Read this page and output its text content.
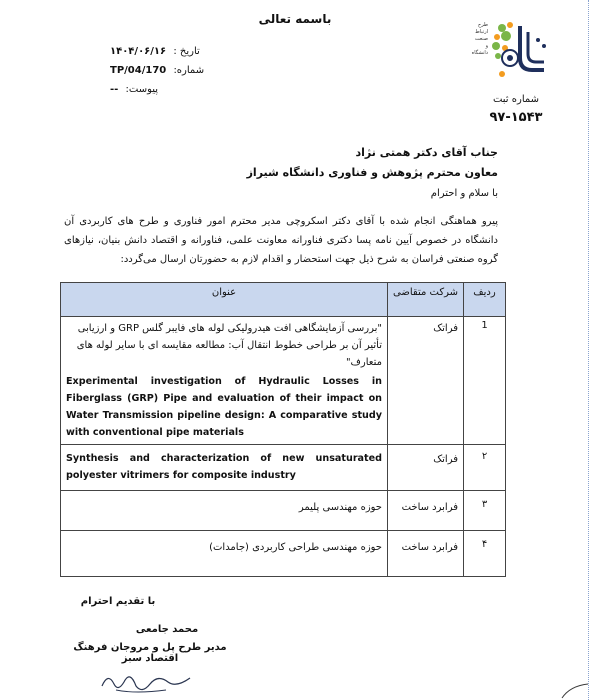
باسمه تعالی
تاریخ : ۱۴۰۴/۰۶/۱۶
شماره: TP/04/170
پیوست: --
طرح
ارتباط صنعت
و دانشگاه
شماره ثبت
۹۷-۱۵۴۳
جناب آقای دکتر همتی نژاد
معاون محترم پژوهش و فناوری دانشگاه شیراز
با سلام و احترام
پیرو هماهنگی انجام شده با آقای دکتر اسکروچی مدیر محترم امور فناوری و طرح های کاربردی آن دانشگاه در خصوص آیین نامه پسا دکتری فناورانه معاونت علمی، فناورانه و اقتصاد دانش بنیان، نیازهای گروه صنعتی فراسان به شرح ذیل جهت استحضار و اقدام لازم به حضورتان ارسال می‌گردد:
ردیف	شرکت متقاضی	عنوان
1	فراتک	"بررسی آزمایشگاهی افت هیدرولیکی لوله های فایبر گلس GRP و ارزیابی تأثیر آن بر طراحی خطوط انتقال آب: مطالعه مقایسه ای با سایر لوله های متعارف"
Experimental investigation of Hydraulic Losses in Fiberglass (GRP) Pipe and evaluation of their impact on Water Transmission pipeline design: A comparative study with conventional pipe materials

۲	فراتک	Synthesis and characterization of new unsaturated polyester vitrimers for composite industry

۳	فرابرد ساخت	حوزه مهندسی پلیمر
۴	فرابرد ساخت	حوزه مهندسی طراحی کاربردی (جامدات)
با تقدیم احترام
محمد جامعی
مدیر طرح پل و مروجان فرهنگ اقتصاد سبز
